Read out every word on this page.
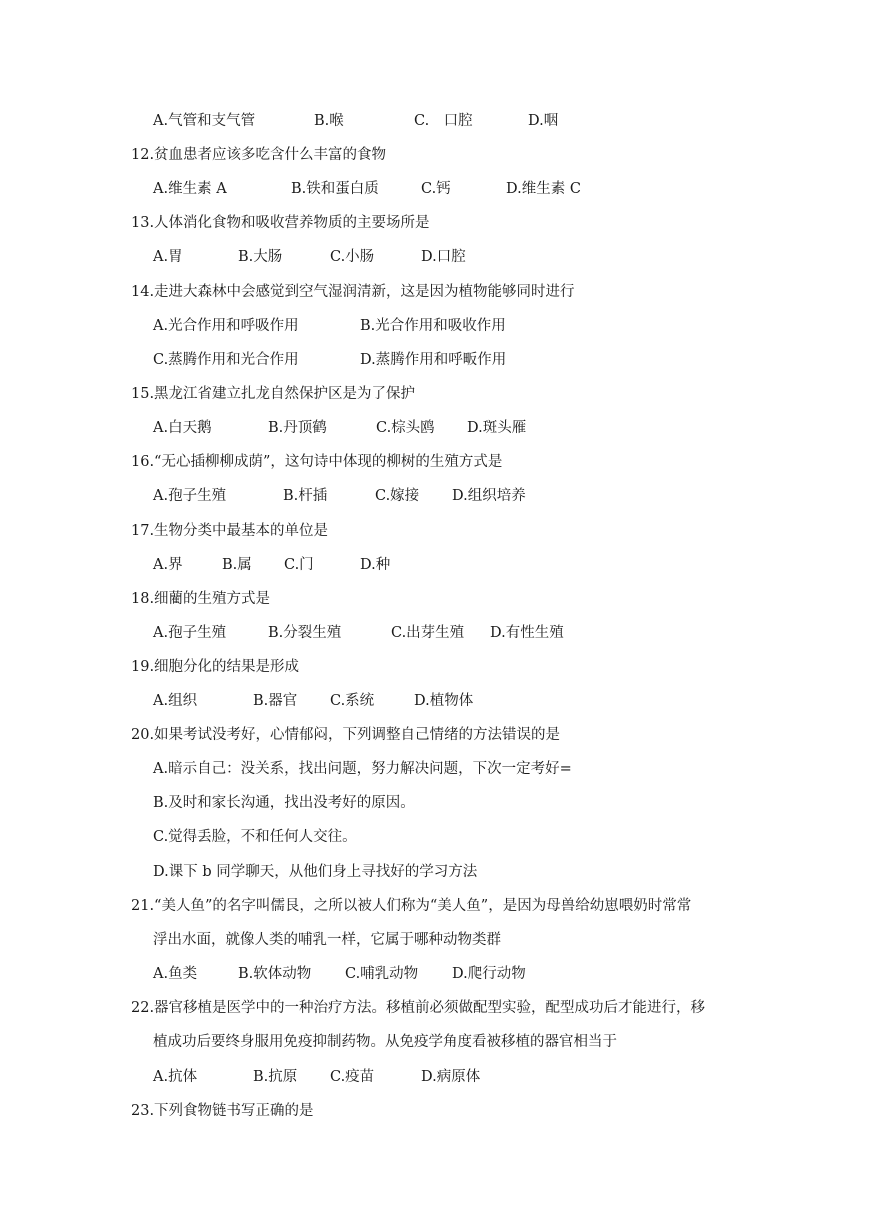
A.气管和支气管	B.喉	C.　口腔	D.咽
12.贫血患者应该多吃含什么丰富的食物
A.维生素 A	B.铁和蛋白质	C.钙	D.维生素 C
13.人体消化食物和吸收营养物质的主要场所是
A.胃	B.大肠	C.小肠	D.口腔
14.走进大森林中会感觉到空气湿润清新，这是因为植物能够同时进行
A.光合作用和呼吸作用	B.光合作用和吸收作用
C.蒸腾作用和光合作用	D.蒸腾作用和呼畈作用
15.黑龙江省建立扎龙自然保护区是为了保护
A.白天鹅	B.丹顶鹤	C.棕头鸥 D.斑头雁
16.“无心插柳柳成荫”，这句诗中体现的柳树的生殖方式是
A.孢子生殖	B.杆插	C.嫁接 D.组织培养
17.生物分类中最基本的单位是
A.界	B.属 C.门	D.种
18.细藺的生殖方式是
A.孢子生殖	B.分裂生殖	C.出芽生殖 D.有性生殖
19.细胞分化的结果是形成
A.组织	B.器官 C.系统	D.植物体
20.如果考试没考好，心情郁闷，下列调整自己情绪的方法错误的是
A.暗示自己：没关系，找出问题，努力解决问题，下次一定考好=
B.及时和家长沟通，找出没考好的原因。
C.觉得丢脸，不和任何人交往。
D.课下 b 同学聊天，从他们身上寻找好的学习方法
21.“美人鱼”的名字叫儒艮，之所以被人们称为“美人鱼”，是因为母兽给幼崽喂奶时常常
浮出水面，就像人类的哺乳一样，它属于哪种动物类群
A.鱼类	B.软体动物 C.哺乳动物 D.爬行动物
22.器官移植是医学中的一种治疗方法。移植前必须做配型实验，配型成功后才能进行，移
植成功后要终身服用免疫抑制药物。从免疫学角度看被移植的器官相当于
A.抗体	B.抗原 C.疫苗	D.病原体
23.下列食物链书写正确的是
